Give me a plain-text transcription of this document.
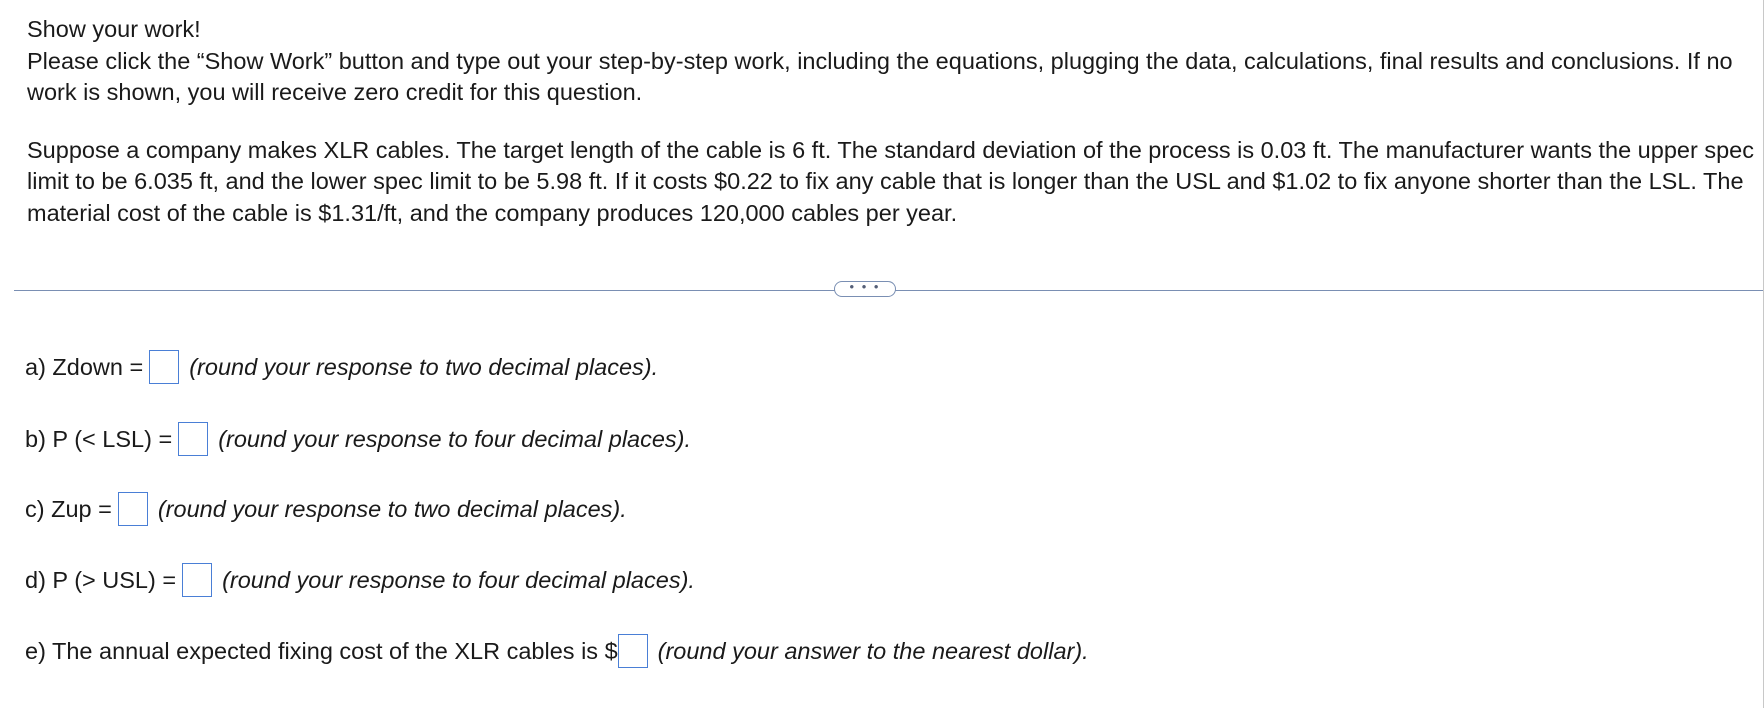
Show your work!

Please click the “Show Work” button and type out your step-by-step work, including the equations, plugging the data, calculations, final results and conclusions. If no work is shown, you will receive zero credit for this question.

Suppose a company makes XLR cables. The target length of the cable is 6 ft. The standard deviation of the process is 0.03 ft. The manufacturer wants the upper spec limit to be 6.035 ft, and the lower spec limit to be 5.98 ft. If it costs $0.22 to fix any cable that is longer than the USL and $1.02 to fix anyone shorter than the LSL. The material cost of the cable is $1.31/ft, and the company produces 120,000 cables per year.

• • •
a) Zdown = (round your response to two decimal places).
b) P (< LSL) = (round your response to four decimal places).
c) Zup = (round your response to two decimal places).
d) P (> USL) = (round your response to four decimal places).
e) The annual expected fixing cost of the XLR cables is $ (round your answer to the nearest dollar).
